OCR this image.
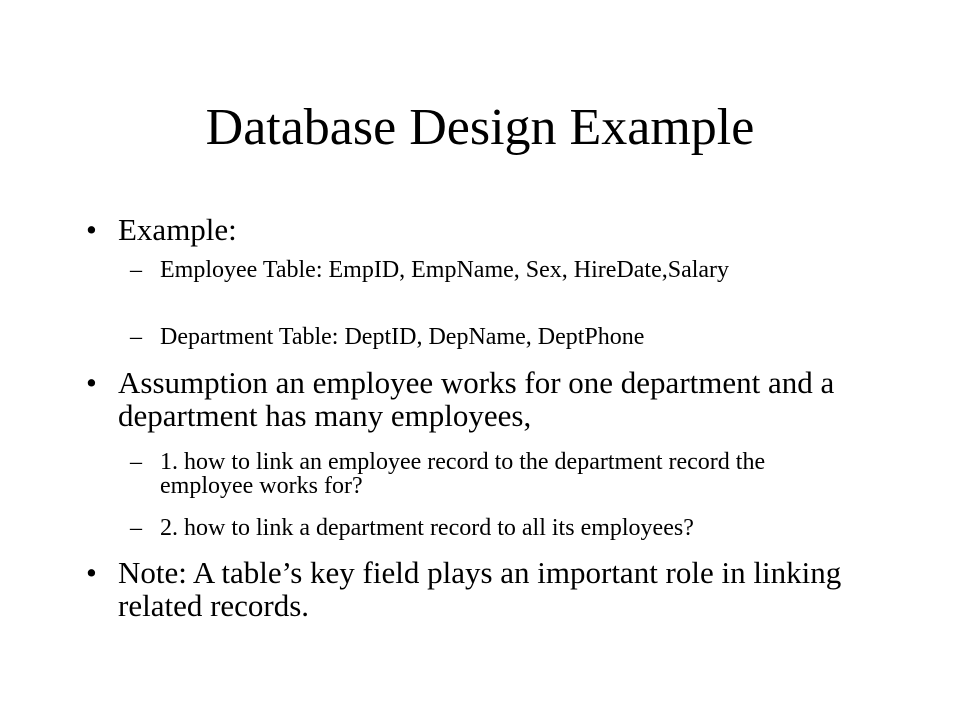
Database Design Example
• Example:
– Employee Table: EmpID, EmpName, Sex, HireDate,Salary
– Department Table: DeptID, DepName, DeptPhone
• Assumption an employee works for one department and a department has many employees,
– 1. how to link an employee record to the department record the employee works for?
– 2. how to link a department record to all its employees?
• Note: A table’s key field plays an important role in linking related records.
